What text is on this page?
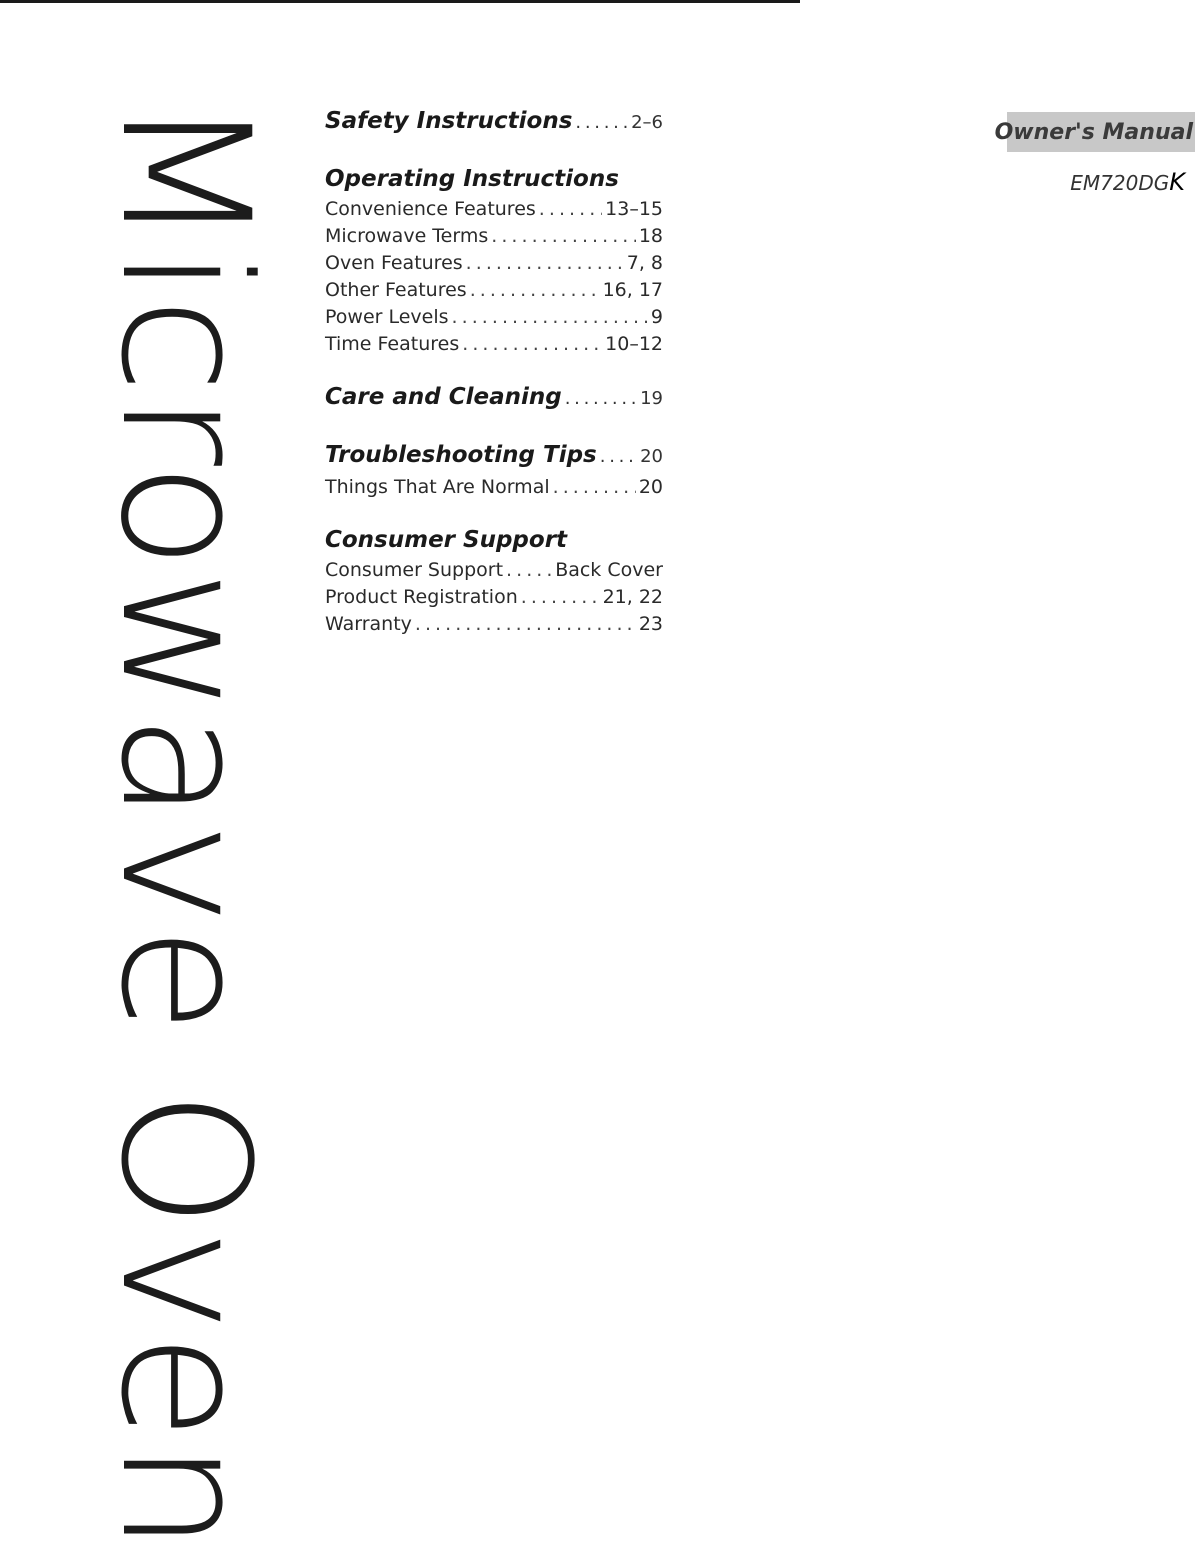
Microwave Oven Safety Instructions . . .	2–6
Operating Instructions
Convenience Features . . .	13–15
Microwave Terms . . .	18
Oven Features . . .	7, 8
Other Features . . .	16, 17
Power Levels . . .	9
Time Features . . .	10–12
Care and Cleaning . . .	19
Troubleshooting Tips . . . 20
Things That Are Normal . . .	20
Consumer Support
Consumer Support . . .	Back Cover
Product Registration . . .	21, 22
Warranty . . .	23
Owner's Manual
EM720DGK
